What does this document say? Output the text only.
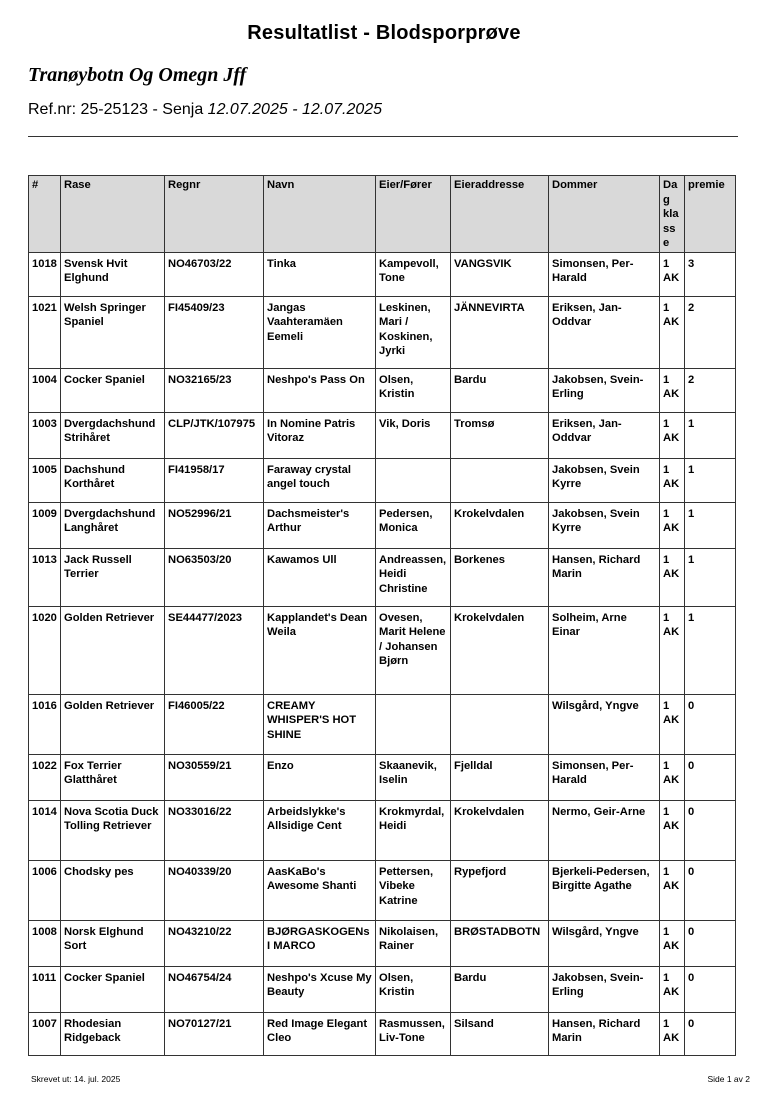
Resultatlist - Blodsporprøve
Tranøybotn Og Omegn Jff
Ref.nr: 25-25123 - Senja 12.07.2025 - 12.07.2025
#	Rase	Regnr	Navn	Eier/Fører	Eieraddresse	Dommer	Dag kla sse	premie
1018	Svensk Hvit Elghund	NO46703/22	Tinka	Kampevoll, Tone	VANGSVIK	Simonsen, Per-Harald	1 AK	3
1021	Welsh Springer Spaniel	FI45409/23	Jangas Vaahteramäen Eemeli	Leskinen, Mari / Koskinen, Jyrki	JÄNNEVIRTA	Eriksen, Jan-Oddvar	1 AK	2
1004	Cocker Spaniel	NO32165/23	Neshpo's Pass On	Olsen, Kristin	Bardu	Jakobsen, Svein-Erling	1 AK	2
1003	Dvergdachshund Strihåret	CLP/JTK/107975	In Nomine Patris Vitoraz	Vik, Doris	Tromsø	Eriksen, Jan-Oddvar	1 AK	1
1005	Dachshund Korthåret	FI41958/17	Faraway crystal angel touch			Jakobsen, Svein Kyrre	1 AK	1
1009	Dvergdachshund Langhåret	NO52996/21	Dachsmeister's Arthur	Pedersen, Monica	Krokelvdalen	Jakobsen, Svein Kyrre	1 AK	1
1013	Jack Russell Terrier	NO63503/20	Kawamos Ull	Andreassen, Heidi Christine	Borkenes	Hansen, Richard Marin	1 AK	1
1020	Golden Retriever	SE44477/2023	Kapplandet's Dean Weila	Ovesen, Marit Helene / Johansen Bjørn	Krokelvdalen	Solheim, Arne Einar	1 AK	1
1016	Golden Retriever	FI46005/22	CREAMY WHISPER'S HOT SHINE			Wilsgård, Yngve	1 AK	0
1022	Fox Terrier Glatthåret	NO30559/21	Enzo	Skaanevik, Iselin	Fjelldal	Simonsen, Per-Harald	1 AK	0
1014	Nova Scotia Duck Tolling Retriever	NO33016/22	Arbeidslykke's Allsidige Cent	Krokmyrdal, Heidi	Krokelvdalen	Nermo, Geir-Arne	1 AK	0
1006	Chodsky pes	NO40339/20	AasKaBo's Awesome Shanti	Pettersen, Vibeke Katrine	Rypefjord	Bjerkeli-Pedersen, Birgitte Agathe	1 AK	0
1008	Norsk Elghund Sort	NO43210/22	BJØRGASKOGENs I MARCO	Nikolaisen, Rainer	BRØSTADBOTN	Wilsgård, Yngve	1 AK	0
1011	Cocker Spaniel	NO46754/24	Neshpo's Xcuse My Beauty	Olsen, Kristin	Bardu	Jakobsen, Svein-Erling	1 AK	0
1007	Rhodesian Ridgeback	NO70127/21	Red Image Elegant Cleo	Rasmussen, Liv-Tone	Silsand	Hansen, Richard Marin	1 AK	0
Skrevet ut: 14. jul. 2025	Side 1 av 2
